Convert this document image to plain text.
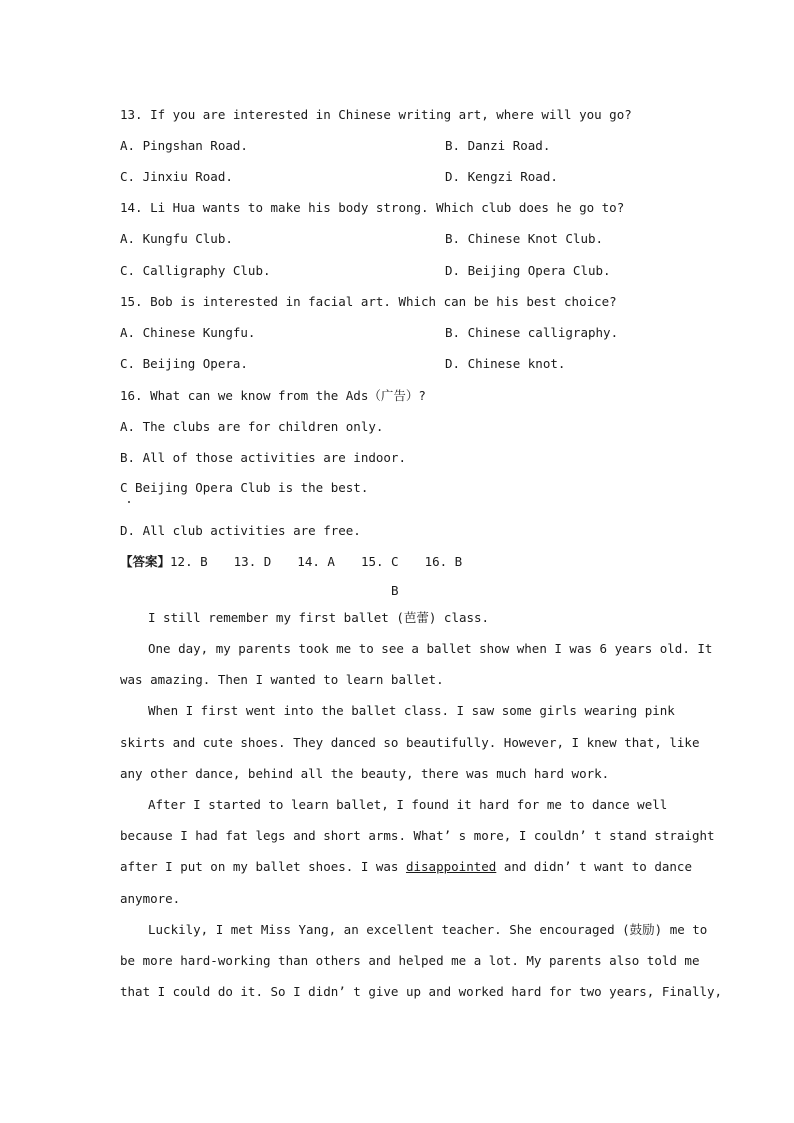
13. If you are interested in Chinese writing art, where will you go?
A. Pingshan Road.	B. Danzi Road.
C. Jinxiu Road.	D. Kengzi Road.
14. Li Hua wants to make his body strong. Which club does he go to?
A. Kungfu Club.	B. Chinese Knot Club.
C. Calligraphy Club.	D. Beijing Opera Club.
15. Bob is interested in facial art. Which can be his best choice?
A. Chinese Kungfu.	B. Chinese calligraphy.
C. Beijing Opera.	D. Chinese knot.
16. What can we know from the Ads（广告）?
A. The clubs are for children only.
B. All of those activities are indoor.
C Beijing Opera Club is the best.
D. All club activities are free.
【答案】12. B 13. D 14. A 15. C 16. B
B
I still remember my first ballet (芭蕾) class.
One day, my parents took me to see a ballet show when I was 6 years old. It
was amazing. Then I wanted to learn ballet.
When I first went into the ballet class. I saw some girls wearing pink
skirts and cute shoes. They danced so beautifully. However, I knew that, like
any other dance, behind all the beauty, there was much hard work.
After I started to learn ballet, I found it hard for me to dance well
because I had fat legs and short arms. What’ s more, I couldn’ t stand straight
after I put on my ballet shoes. I was disappointed and didn’ t want to dance
anymore.
Luckily, I met Miss Yang, an excellent teacher. She encouraged (鼓励) me to
be more hard-working than others and helped me a lot. My parents also told me
that I could do it. So I didn’ t give up and worked hard for two years, Finally,
